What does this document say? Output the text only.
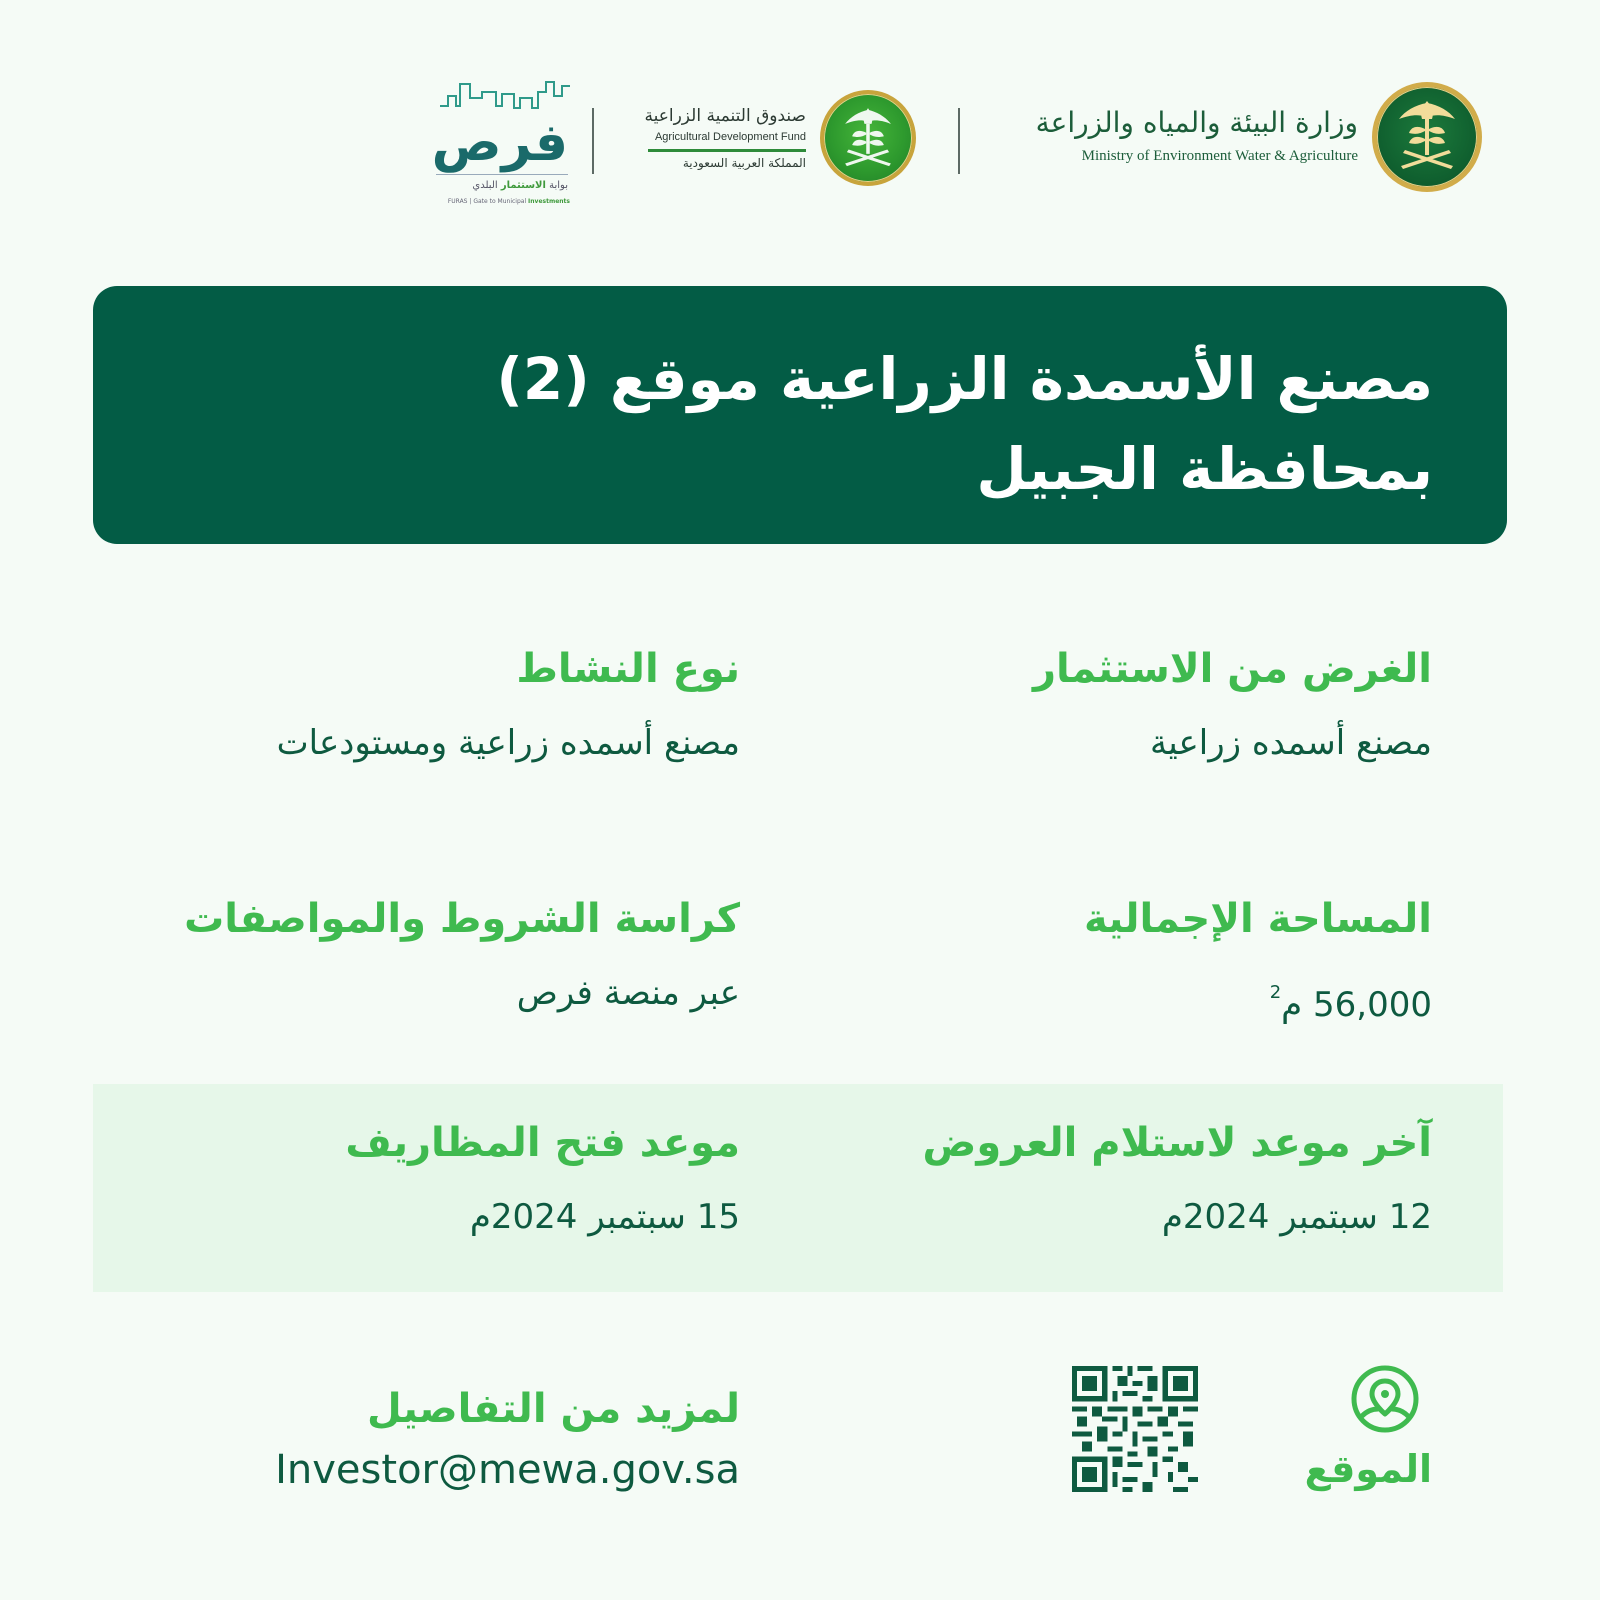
فرص
بوابة الاستثمار البلدي
FURAS | Gate to Municipal Investments
صندوق التنمية الزراعية
Agricultural Development Fund
المملكة العربية السعودية
وزارة البيئة والمياه والزراعة
Ministry of Environment Water & Agriculture
مصنع الأسمدة الزراعية موقع (2)
بمحافظة الجبيل
الغرض من الاستثمار
مصنع أسمده زراعية
نوع النشاط
مصنع أسمده زراعية ومستودعات
المساحة الإجمالية
56,000 م$^2$
كراسة الشروط والمواصفات
عبر منصة فرص
آخر موعد لاستلام العروض
12 سبتمبر 2024م
موعد فتح المظاريف
15 سبتمبر 2024م
لمزيد من التفاصيل
Investor@mewa.gov.sa	الموقع
